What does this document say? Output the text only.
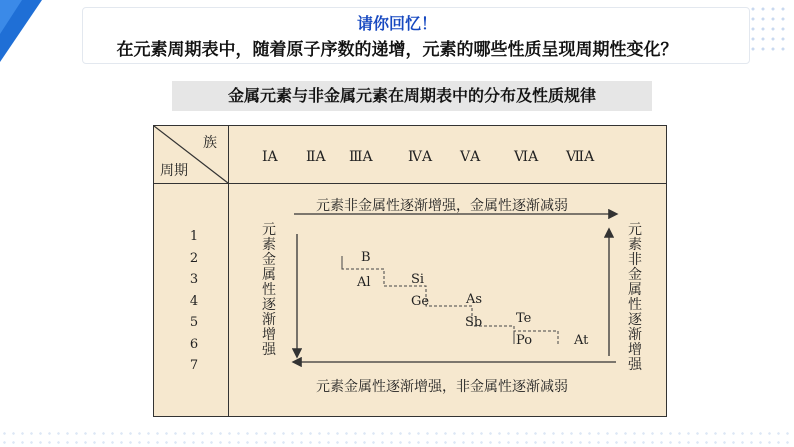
请你回忆！
在元素周期表中，随着原子序数的递增，元素的哪些性质呈现周期性变化？
金属元素与非金属元素在周期表中的分布及性质规律
族
周期
ⅠA ⅡA ⅢA	ⅣA ⅤA ⅥA ⅦA
1
2
3
4
5
6
7
元素非金属性逐渐增强，金属性逐渐减弱
元素金属性逐渐增强，非金属性逐渐减弱
元素金属性逐渐增强
元素非金属性逐渐增强
B
Al	Si
Ge	As
Sb	Te
Po	At
